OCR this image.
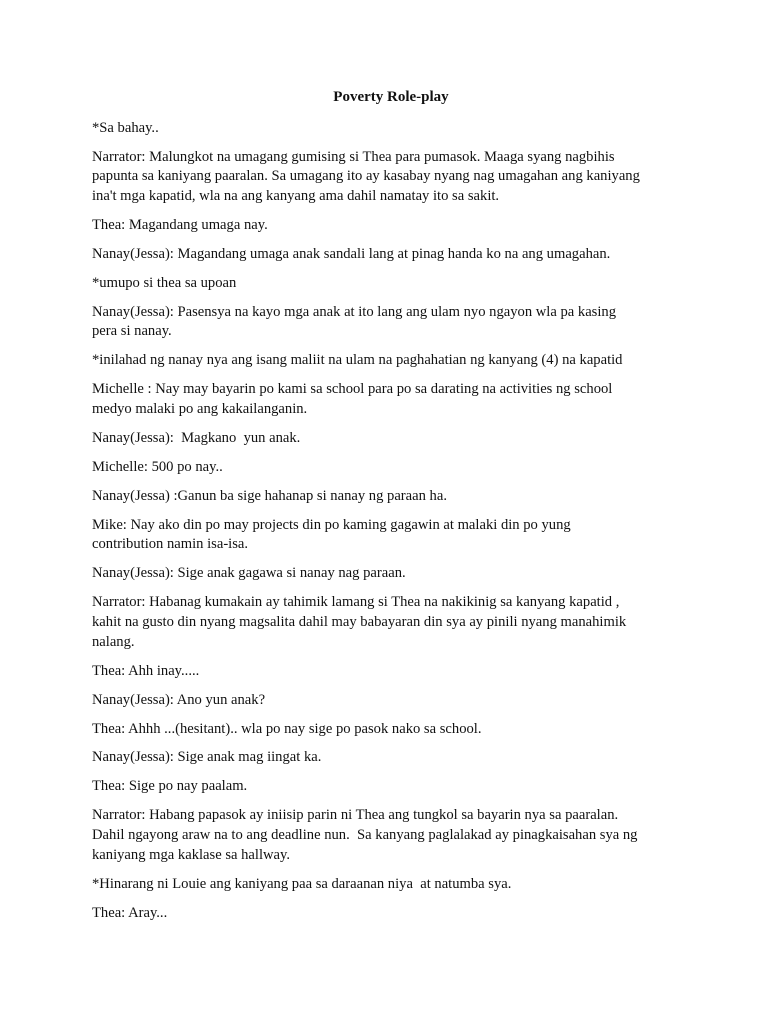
Poverty Role-play
*Sa bahay..
Narrator: Malungkot na umagang gumising si Thea para pumasok. Maaga syang nagbihis
papunta sa kaniyang paaralan. Sa umagang ito ay kasabay nyang nag umagahan ang kaniyang
ina't mga kapatid, wla na ang kanyang ama dahil namatay ito sa sakit.
Thea: Magandang umaga nay.
Nanay(Jessa): Magandang umaga anak sandali lang at pinag handa ko na ang umagahan.
*umupo si thea sa upoan
Nanay(Jessa): Pasensya na kayo mga anak at ito lang ang ulam nyo ngayon wla pa kasing
pera si nanay.
*inilahad ng nanay nya ang isang maliit na ulam na paghahatian ng kanyang (4) na kapatid
Michelle : Nay may bayarin po kami sa school para po sa darating na activities ng school
medyo malaki po ang kakailanganin.
Nanay(Jessa):  Magkano  yun anak.
Michelle: 500 po nay..
Nanay(Jessa) :Ganun ba sige hahanap si nanay ng paraan ha.
Mike: Nay ako din po may projects din po kaming gagawin at malaki din po yung
contribution namin isa-isa.
Nanay(Jessa): Sige anak gagawa si nanay nag paraan.
Narrator: Habanag kumakain ay tahimik lamang si Thea na nakikinig sa kanyang kapatid ,
kahit na gusto din nyang magsalita dahil may babayaran din sya ay pinili nyang manahimik
nalang.
Thea: Ahh inay.....
Nanay(Jessa): Ano yun anak?
Thea: Ahhh ...(hesitant).. wla po nay sige po pasok nako sa school.
Nanay(Jessa): Sige anak mag iingat ka.
Thea: Sige po nay paalam.
Narrator: Habang papasok ay iniisip parin ni Thea ang tungkol sa bayarin nya sa paaralan.
Dahil ngayong araw na to ang deadline nun.  Sa kanyang paglalakad ay pinagkaisahan sya ng
kaniyang mga kaklase sa hallway.
*Hinarang ni Louie ang kaniyang paa sa daraanan niya  at natumba sya.
Thea: Aray...
